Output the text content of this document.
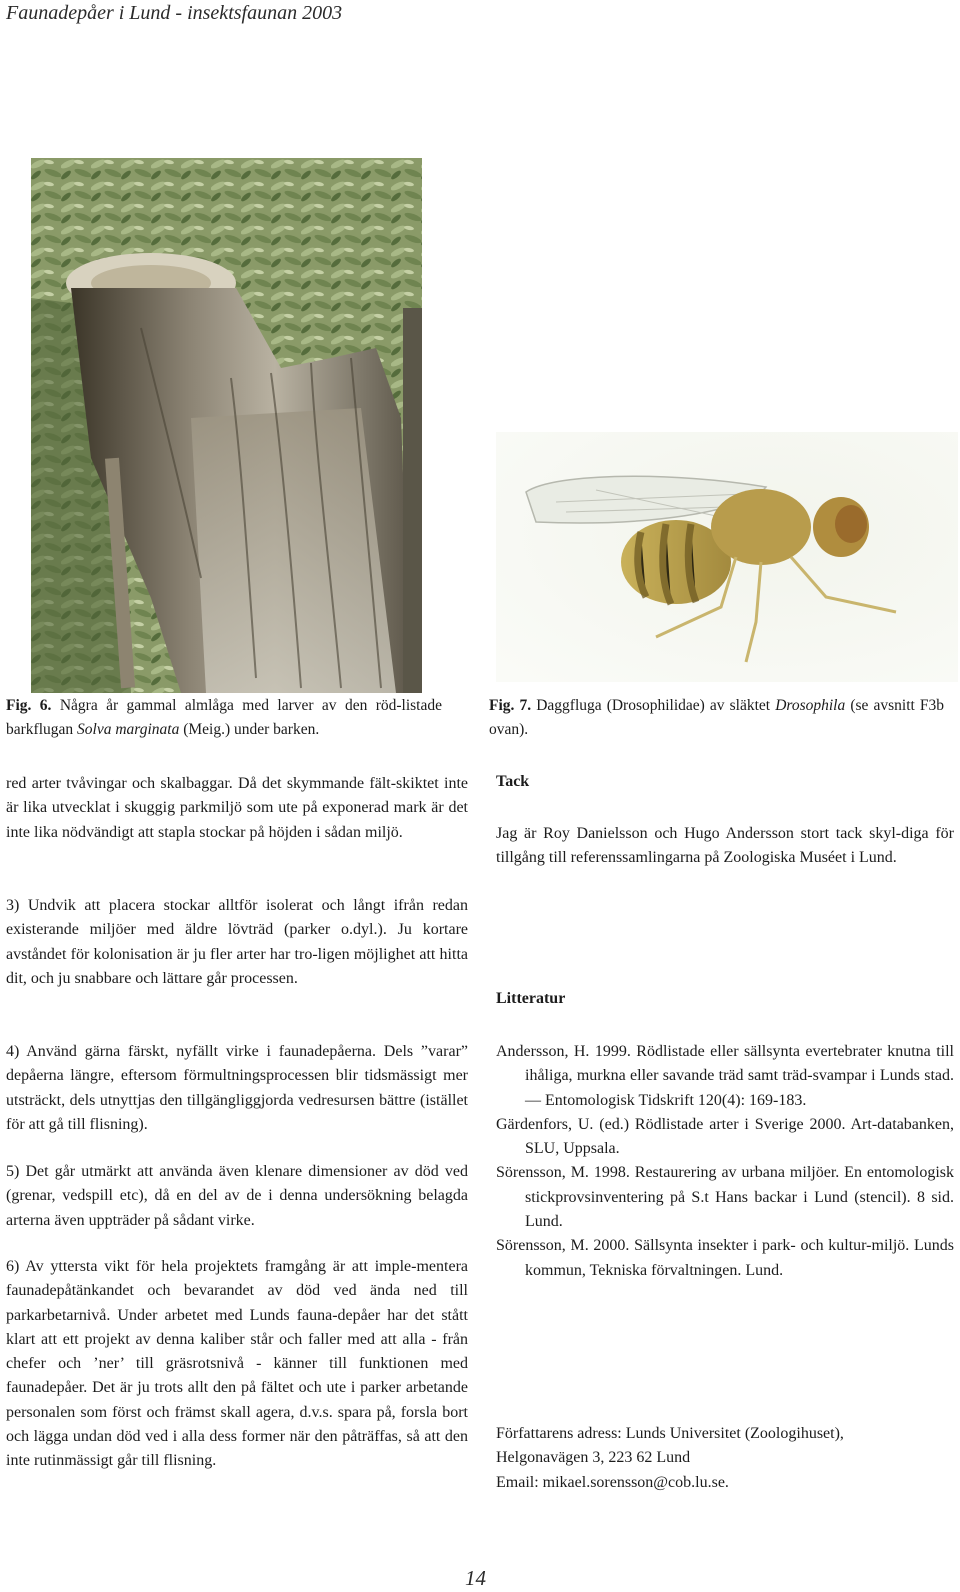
Faunadepåer i Lund - insektsfaunan 2003
Fig. 6. Några år gammal almlåga med larver av den röd-listade barkflugan Solva marginata (Meig.) under barken.
Fig. 7. Daggfluga (Drosophilidae) av släktet Drosophila (se avsnitt F3b ovan).

red arter tvåvingar och skalbaggar. Då det skymmande fält-skiktet inte är lika utvecklat i skuggig parkmiljö som ute på exponerad mark är det inte lika nödvändigt att stapla stockar på höjden i sådan miljö.

3) Undvik att placera stockar alltför isolerat och långt ifrån redan existerande miljöer med äldre lövträd (parker o.dyl.). Ju kortare avståndet för kolonisation är ju fler arter har tro-ligen möjlighet att hitta dit, och ju snabbare och lättare går processen.

4) Använd gärna färskt, nyfällt virke i faunadepåerna. Dels ”varar” depåerna längre, eftersom förmultningsprocessen blir tidsmässigt mer utsträckt, dels utnyttjas den tillgängliggjorda vedresursen bättre (istället för att gå till flisning).

5) Det går utmärkt att använda även klenare dimensioner av död ved (grenar, vedspill etc), då en del av de i denna undersökning belagda arterna även uppträder på sådant virke.

6) Av yttersta vikt för hela projektets framgång är att imple-mentera faunadepåtänkandet och bevarandet av död ved ända ned till parkarbetarnivå. Under arbetet med Lunds fauna-depåer har det stått klart att ett projekt av denna kaliber står och faller med att alla - från chefer och ’ner’ till gräsrotsnivå - känner till funktionen med faunadepåer. Det är ju trots allt den på fältet och ute i parker arbetande personalen som först och främst skall agera, d.v.s. spara på, forsla bort och lägga undan död ved i alla dess former när den påträffas, så att den inte rutinmässigt går till flisning.

Tack

Jag är Roy Danielsson och Hugo Andersson stort tack skyl-diga för tillgång till referenssamlingarna på Zoologiska Muséet i Lund.

Litteratur

Andersson, H. 1999. Rödlistade eller sällsynta evertebrater knutna till ihåliga, murkna eller savande träd samt träd-svampar i Lunds stad. — Entomologisk Tidskrift 120(4): 169-183.

Gärdenfors, U. (ed.) Rödlistade arter i Sverige 2000. Art-databanken, SLU, Uppsala.

Sörensson, M. 1998. Restaurering av urbana miljöer. En entomologisk stickprovsinventering på S.t Hans backar i Lund (stencil). 8 sid. Lund.

Sörensson, M. 2000. Sällsynta insekter i park- och kultur-miljö. Lunds kommun, Tekniska förvaltningen. Lund.

Författarens adress: Lunds Universitet (Zoologihuset),
Helgonavägen 3, 223 62 Lund
Email: mikael.sorensson@cob.lu.se.
14
